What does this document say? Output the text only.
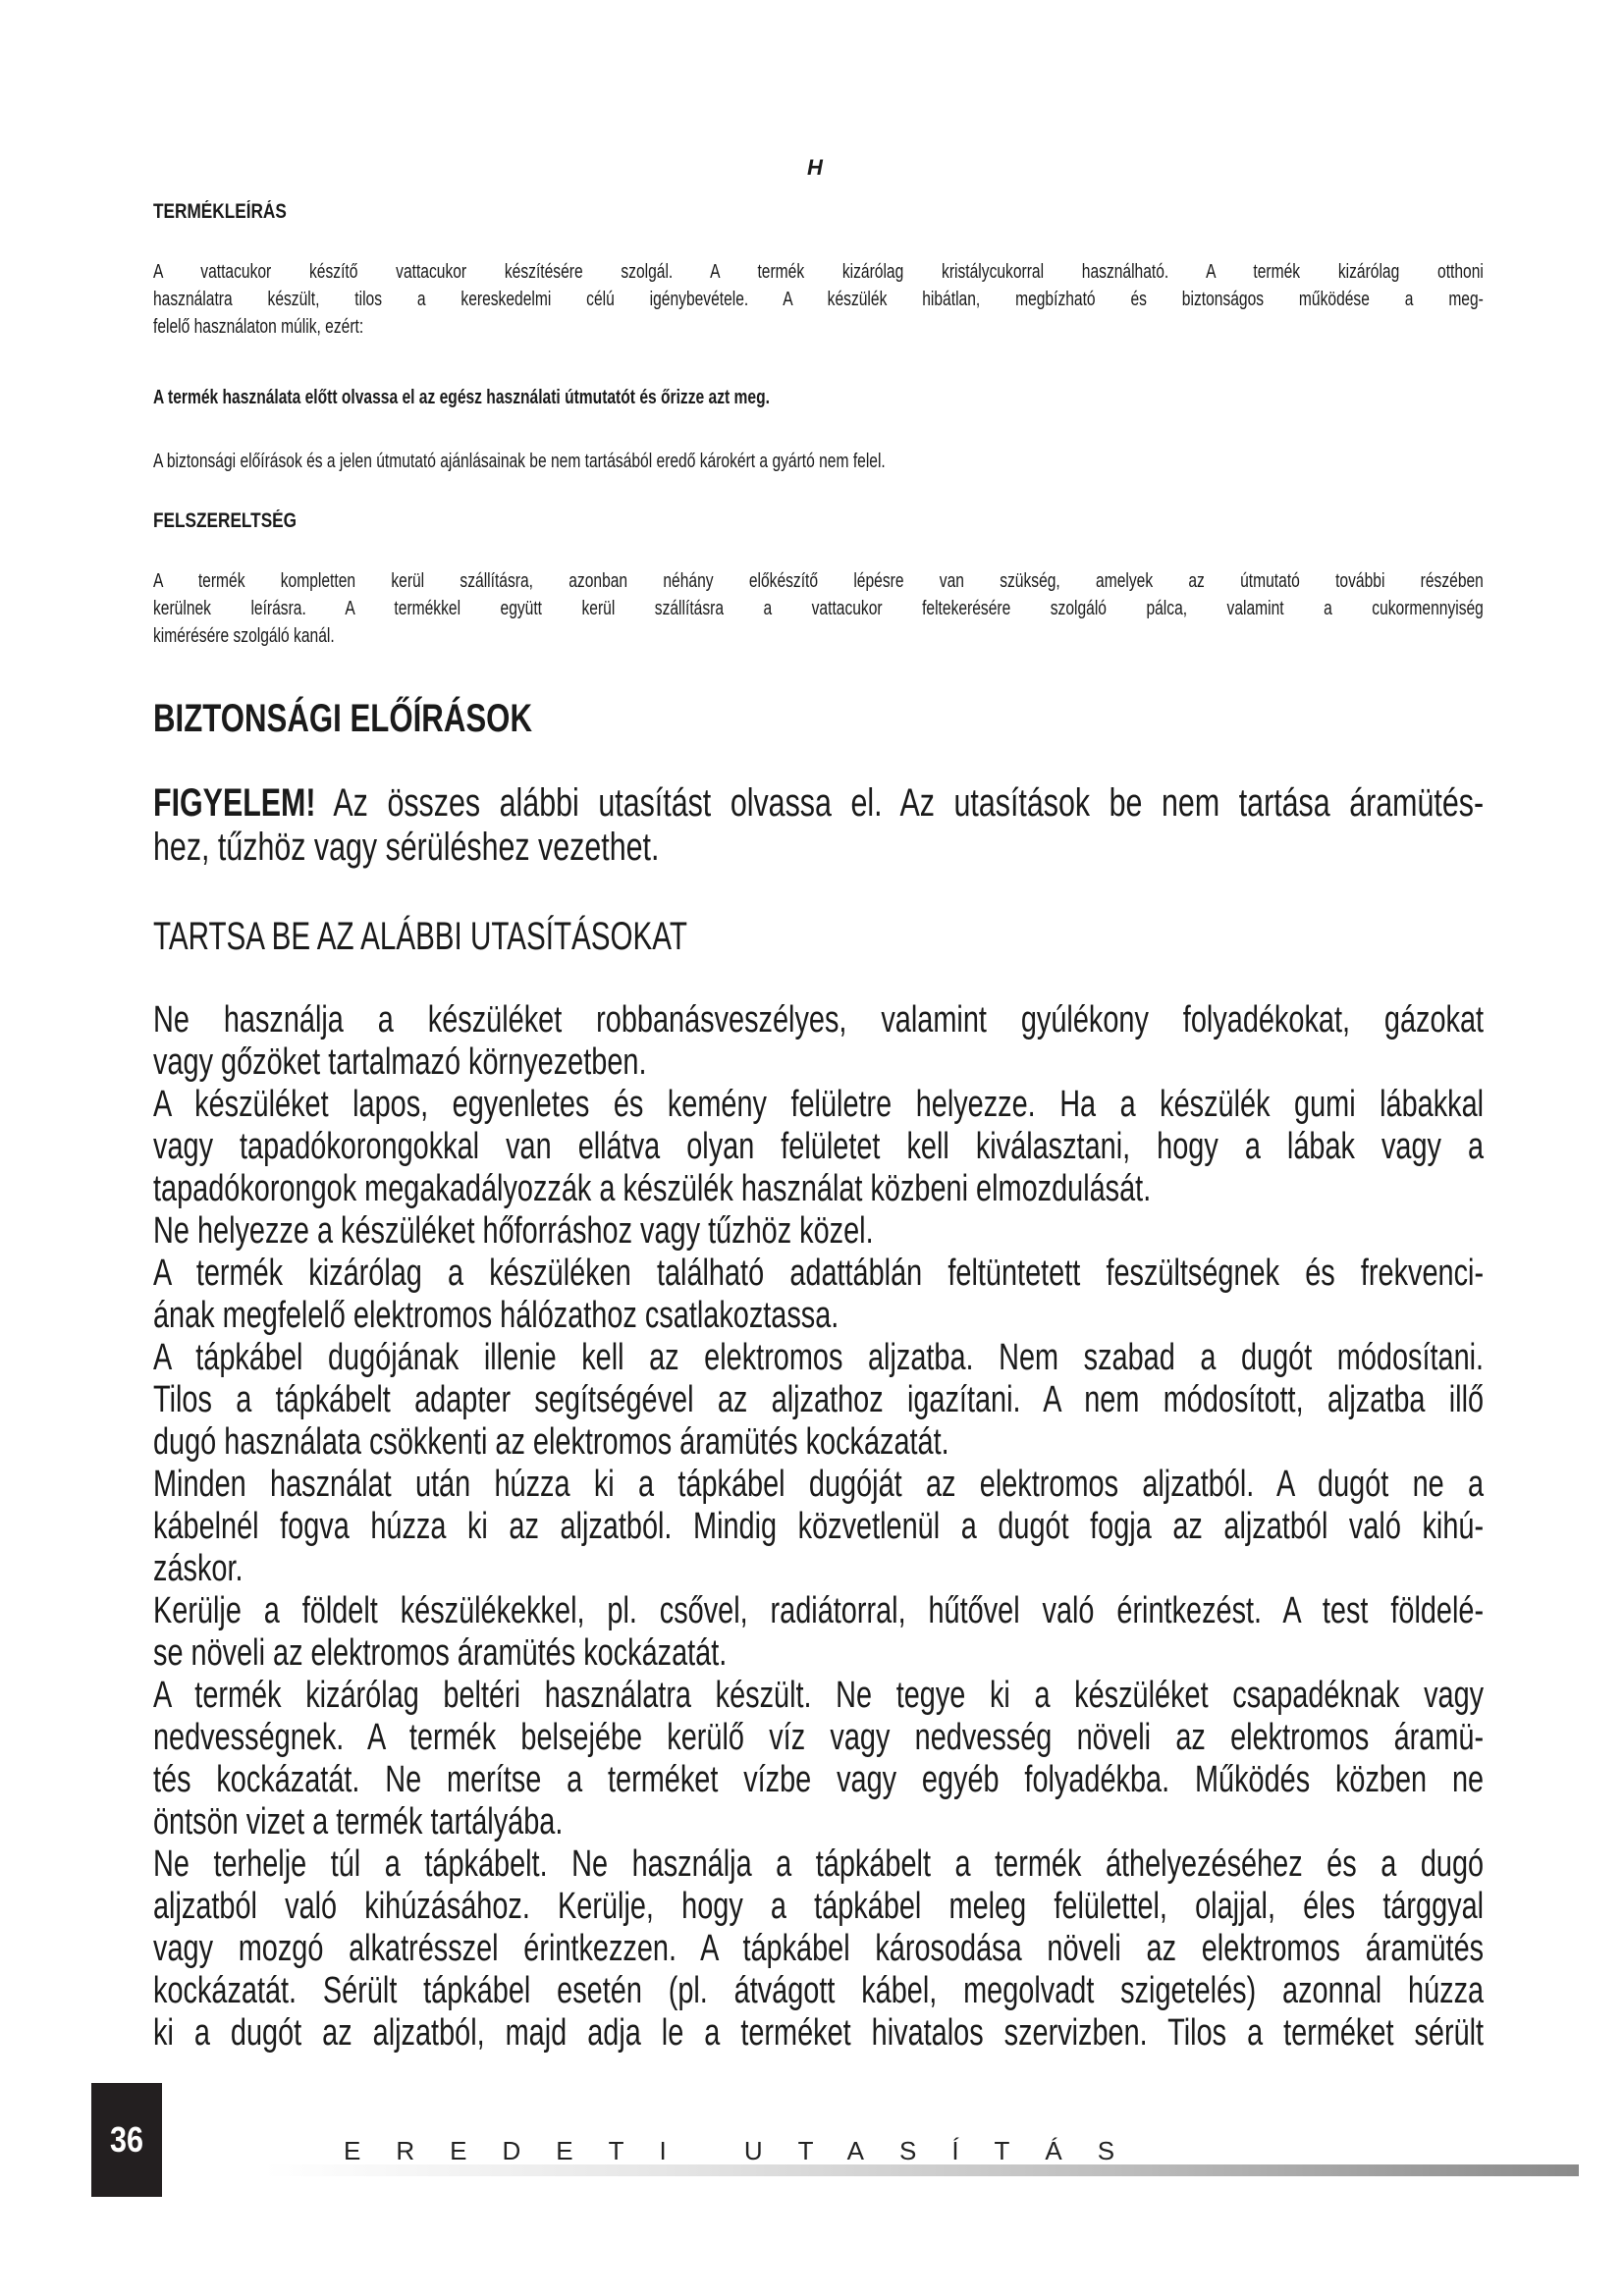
H
TERMÉKLEÍRÁS
A vattacukor készítő vattacukor készítésére szolgál. A termék kizárólag kristálycukorral használható. A termék kizárólag otthoni
használatra készült, tilos a kereskedelmi célú igénybevétele. A készülék hibátlan, megbízható és biztonságos működése a meg-
felelő használaton múlik, ezért:
A termék használata előtt olvassa el az egész használati útmutatót és őrizze azt meg.
A biztonsági előírások és a jelen útmutató ajánlásainak be nem tartásából eredő károkért a gyártó nem felel.
FELSZERELTSÉG
A termék kompletten kerül szállításra, azonban néhány előkészítő lépésre van szükség, amelyek az útmutató további részében
kerülnek leírásra. A termékkel együtt kerül szállításra a vattacukor feltekerésére szolgáló pálca, valamint a cukormennyiség
kimérésére szolgáló kanál.
BIZTONSÁGI ELŐÍRÁSOK
FIGYELEM! Az összes alábbi utasítást olvassa el. Az utasítások be nem tartása áramütés-
hez, tűzhöz vagy sérüléshez vezethet.
TARTSA BE AZ ALÁBBI UTASÍTÁSOKAT
Ne használja a készüléket robbanásveszélyes, valamint gyúlékony folyadékokat, gázokat
vagy gőzöket tartalmazó környezetben.
A készüléket lapos, egyenletes és kemény felületre helyezze. Ha a készülék gumi lábakkal
vagy tapadókorongokkal van ellátva olyan felületet kell kiválasztani, hogy a lábak vagy a
tapadókorongok megakadályozzák a készülék használat közbeni elmozdulását.
Ne helyezze a készüléket hőforráshoz vagy tűzhöz közel.
A termék kizárólag a készüléken található adattáblán feltüntetett feszültségnek és frekvenci-
ának megfelelő elektromos hálózathoz csatlakoztassa.
A tápkábel dugójának illenie kell az elektromos aljzatba. Nem szabad a dugót módosítani.
Tilos a tápkábelt adapter segítségével az aljzathoz igazítani. A nem módosított, aljzatba illő
dugó használata csökkenti az elektromos áramütés kockázatát.
Minden használat után húzza ki a tápkábel dugóját az elektromos aljzatból. A dugót ne a
kábelnél fogva húzza ki az aljzatból. Mindig közvetlenül a dugót fogja az aljzatból való kihú-
záskor.
Kerülje a földelt készülékekkel, pl. csővel, radiátorral, hűtővel való érintkezést. A test földelé-
se növeli az elektromos áramütés kockázatát.
A termék kizárólag beltéri használatra készült. Ne tegye ki a készüléket csapadéknak vagy
nedvességnek. A termék belsejébe kerülő víz vagy nedvesség növeli az elektromos áramü-
tés kockázatát. Ne merítse a terméket vízbe vagy egyéb folyadékba. Működés közben ne
öntsön vizet a termék tartályába.
Ne terhelje túl a tápkábelt. Ne használja a tápkábelt a termék áthelyezéséhez és a dugó
aljzatból való kihúzásához. Kerülje, hogy a tápkábel meleg felülettel, olajjal, éles tárggyal
vagy mozgó alkatrésszel érintkezzen. A tápkábel károsodása növeli az elektromos áramütés
kockázatát. Sérült tápkábel esetén (pl. átvágott kábel, megolvadt szigetelés) azonnal húzza
ki a dugót az aljzatból, majd adja le a terméket hivatalos szervizben. Tilos a terméket sérült
36	EREDETI UTASÍTÁS
